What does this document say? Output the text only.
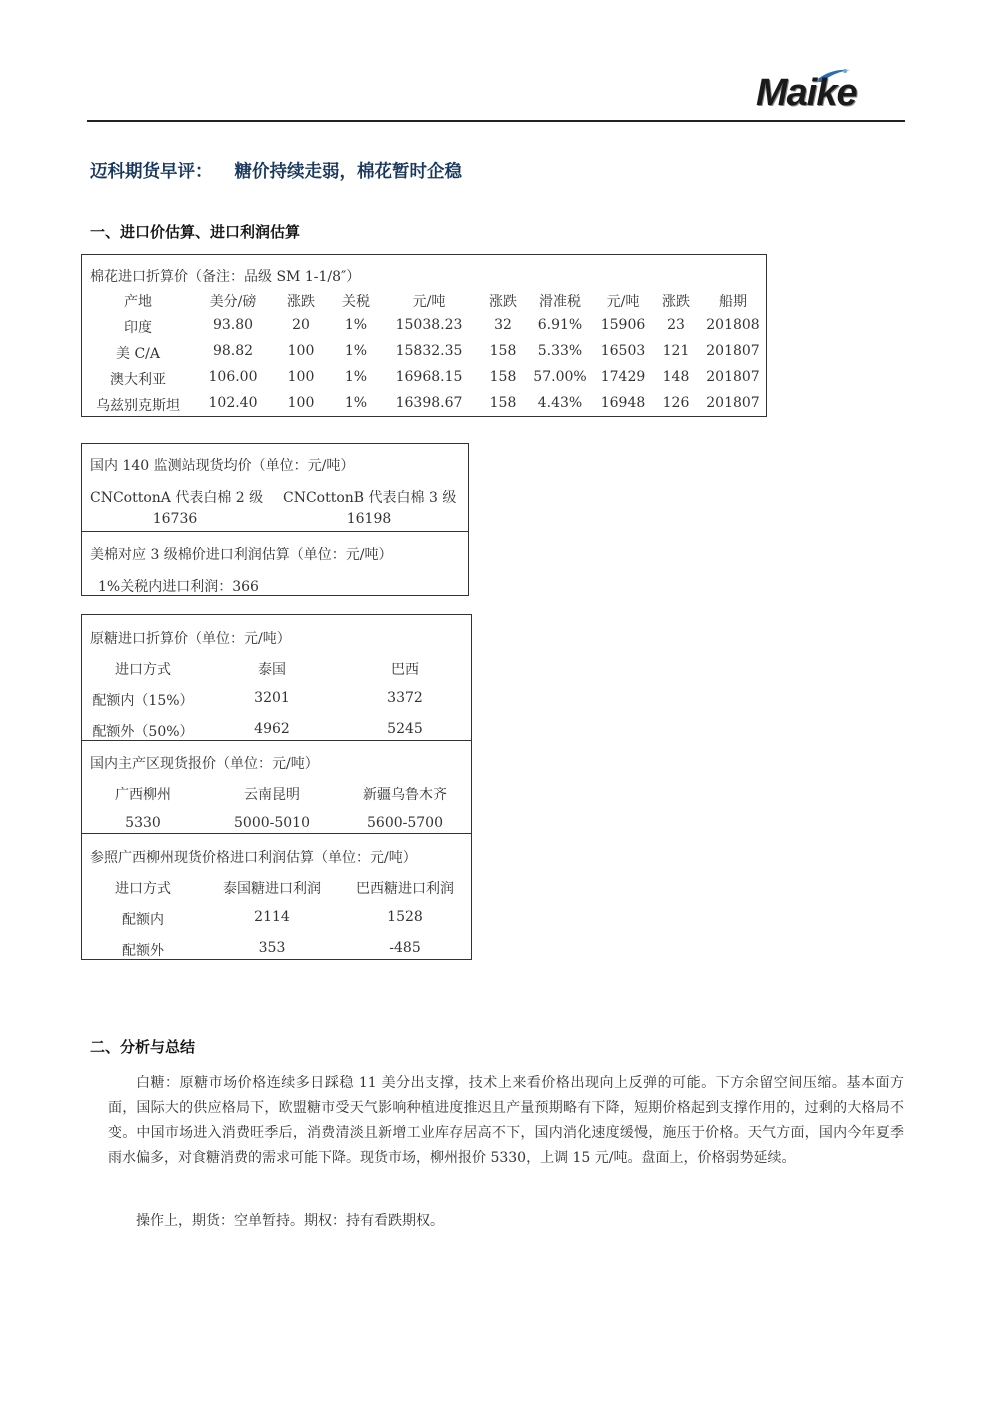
Maike
迈科期货早评： 糖价持续走弱，棉花暂时企稳
一、进口价估算、进口利润估算
棉花进口折算价（备注：品级 SM 1-1/8″）
产地	美分/磅 涨跌 关税	元/吨	涨跌 滑准税 元/吨 涨跌 船期
印度	93.80	20 1% 15038.23 32 6.91% 15906 23 201808
美 C/A	98.82 100 1% 15832.35 158 5.33% 16503 121 201807
澳大利亚	106.00 100 1% 16968.15 158 57.00% 17429 148 201807
乌兹别克斯坦 102.40 100 1% 16398.67 158 4.43% 16948 126 201807
国内 140 监测站现货均价（单位：元/吨）
CNCottonA 代表白棉 2 级 CNCottonB 代表白棉 3 级
16736	16198
美棉对应 3 级棉价进口利润估算（单位：元/吨）
1%关税内进口利润：366
原糖进口折算价（单位：元/吨）
进口方式	泰国	巴西
配额内（15%）	3201	3372
配额外（50%）	4962	5245
国内主产区现货报价（单位：元/吨）
广西柳州	云南昆明	新疆乌鲁木齐
5330	5000-5010	5600-5700
参照广西柳州现货价格进口利润估算（单位：元/吨）
进口方式	泰国糖进口利润	巴西糖进口利润
配额内	2114	1528
配额外	353	-485
二、分析与总结
白糖：原糖市场价格连续多日踩稳 11 美分出支撑，技术上来看价格出现向上反弹的可能。下方余留空间压缩。基本面方面，国际大的供应格局下，欧盟糖市受天气影响种植进度推迟且产量预期略有下降，短期价格起到支撑作用的，过剩的大格局不变。中国市场进入消费旺季后，消费清淡且新增工业库存居高不下，国内消化速度缓慢，施压于价格。天气方面，国内今年夏季雨水偏多，对食糖消费的需求可能下降。现货市场，柳州报价 5330，上调 15 元/吨。盘面上，价格弱势延续。
操作上，期货：空单暂持。期权：持有看跌期权。
